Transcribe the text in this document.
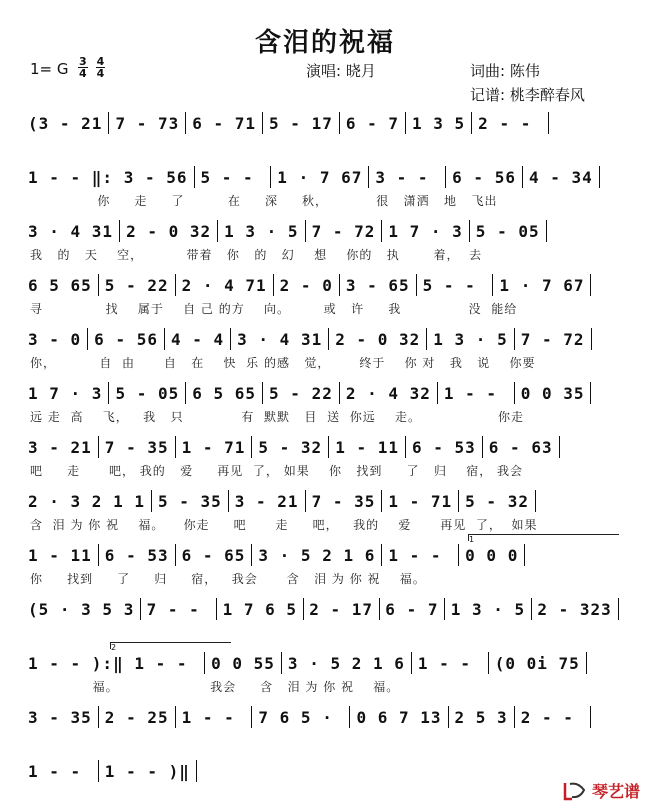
含泪的祝福
1= G $\frac{3}{4} \frac{4}{4}$	演唱: 晓月	词曲: 陈伟
记谱: 桃李醉春风
(3 - 21 7 - 73 6 - 71 5 - 17 6 - 7 1 3 5 2 - -
1 - - ‖: 3 - 56 5 - - 1 · 7 67 3 - - 6 - 56 4 - 34
你     走     了         在     深     秋，          很   潇洒   地   飞出
3 · 4 31 2 - 0 32 1 3 · 5 7 - 72 1 7 · 3 5 - 05
我   的   天    空，         带着   你   的   幻    想    你的   执       着，  去
6 5 65 5 - 22 2 · 4 71 2 - 0 3 - 65 5 - - 1 · 7 67
寻             找    属于    自 己 的方    向。       或   许     我              没  能给
3 - 0 6 - 56 4 - 4 3 · 4 31 2 - 0 32 1 3 · 5 7 - 72
你，         自  由      自   在    快  乐 的感   觉，      终于    你 对   我   说    你要
1 7 · 3 5 - 05 6 5 65 5 - 22 2 · 4 32 1 - - 0 0 35
远 走  高    飞，   我   只            有  默默   目  送  你远    走。                你走
3 - 21 7 - 35 1 - 71 5 - 32 1 - 11 6 - 53 6 - 63
吧     走      吧， 我的   爱     再见  了， 如果    你   找到     了   归    宿， 我会
2 · 3 2 1 1 5 - 35 3 - 21 7 - 35 1 - 71 5 - 32
含  泪 为 你 祝    福。    你走     吧      走     吧，   我的    爱      再见  了，  如果
1 - 11 6 - 53 6 - 65 3 · 5 2 1 6 1 - - 0 0 0
你     找到     了     归     宿，   我会      含   泪 为 你 祝    福。
1
(5 · 3 5 3 7 - - 1 7 6 5 2 - 17 6 - 7 1 3 · 5 2 - 323
1 - - ):‖ 1 - - 0 0 55 3 · 5 2 1 6 1 - - (0 0i 75
福。                   我会     含   泪 为 你 祝    福。
2
3 - 35 2 - 25 1 - - 7 6 5 · 0 6 7 13 2 5 3 2 - -
1 - - 1 - - )‖
琴艺谱
